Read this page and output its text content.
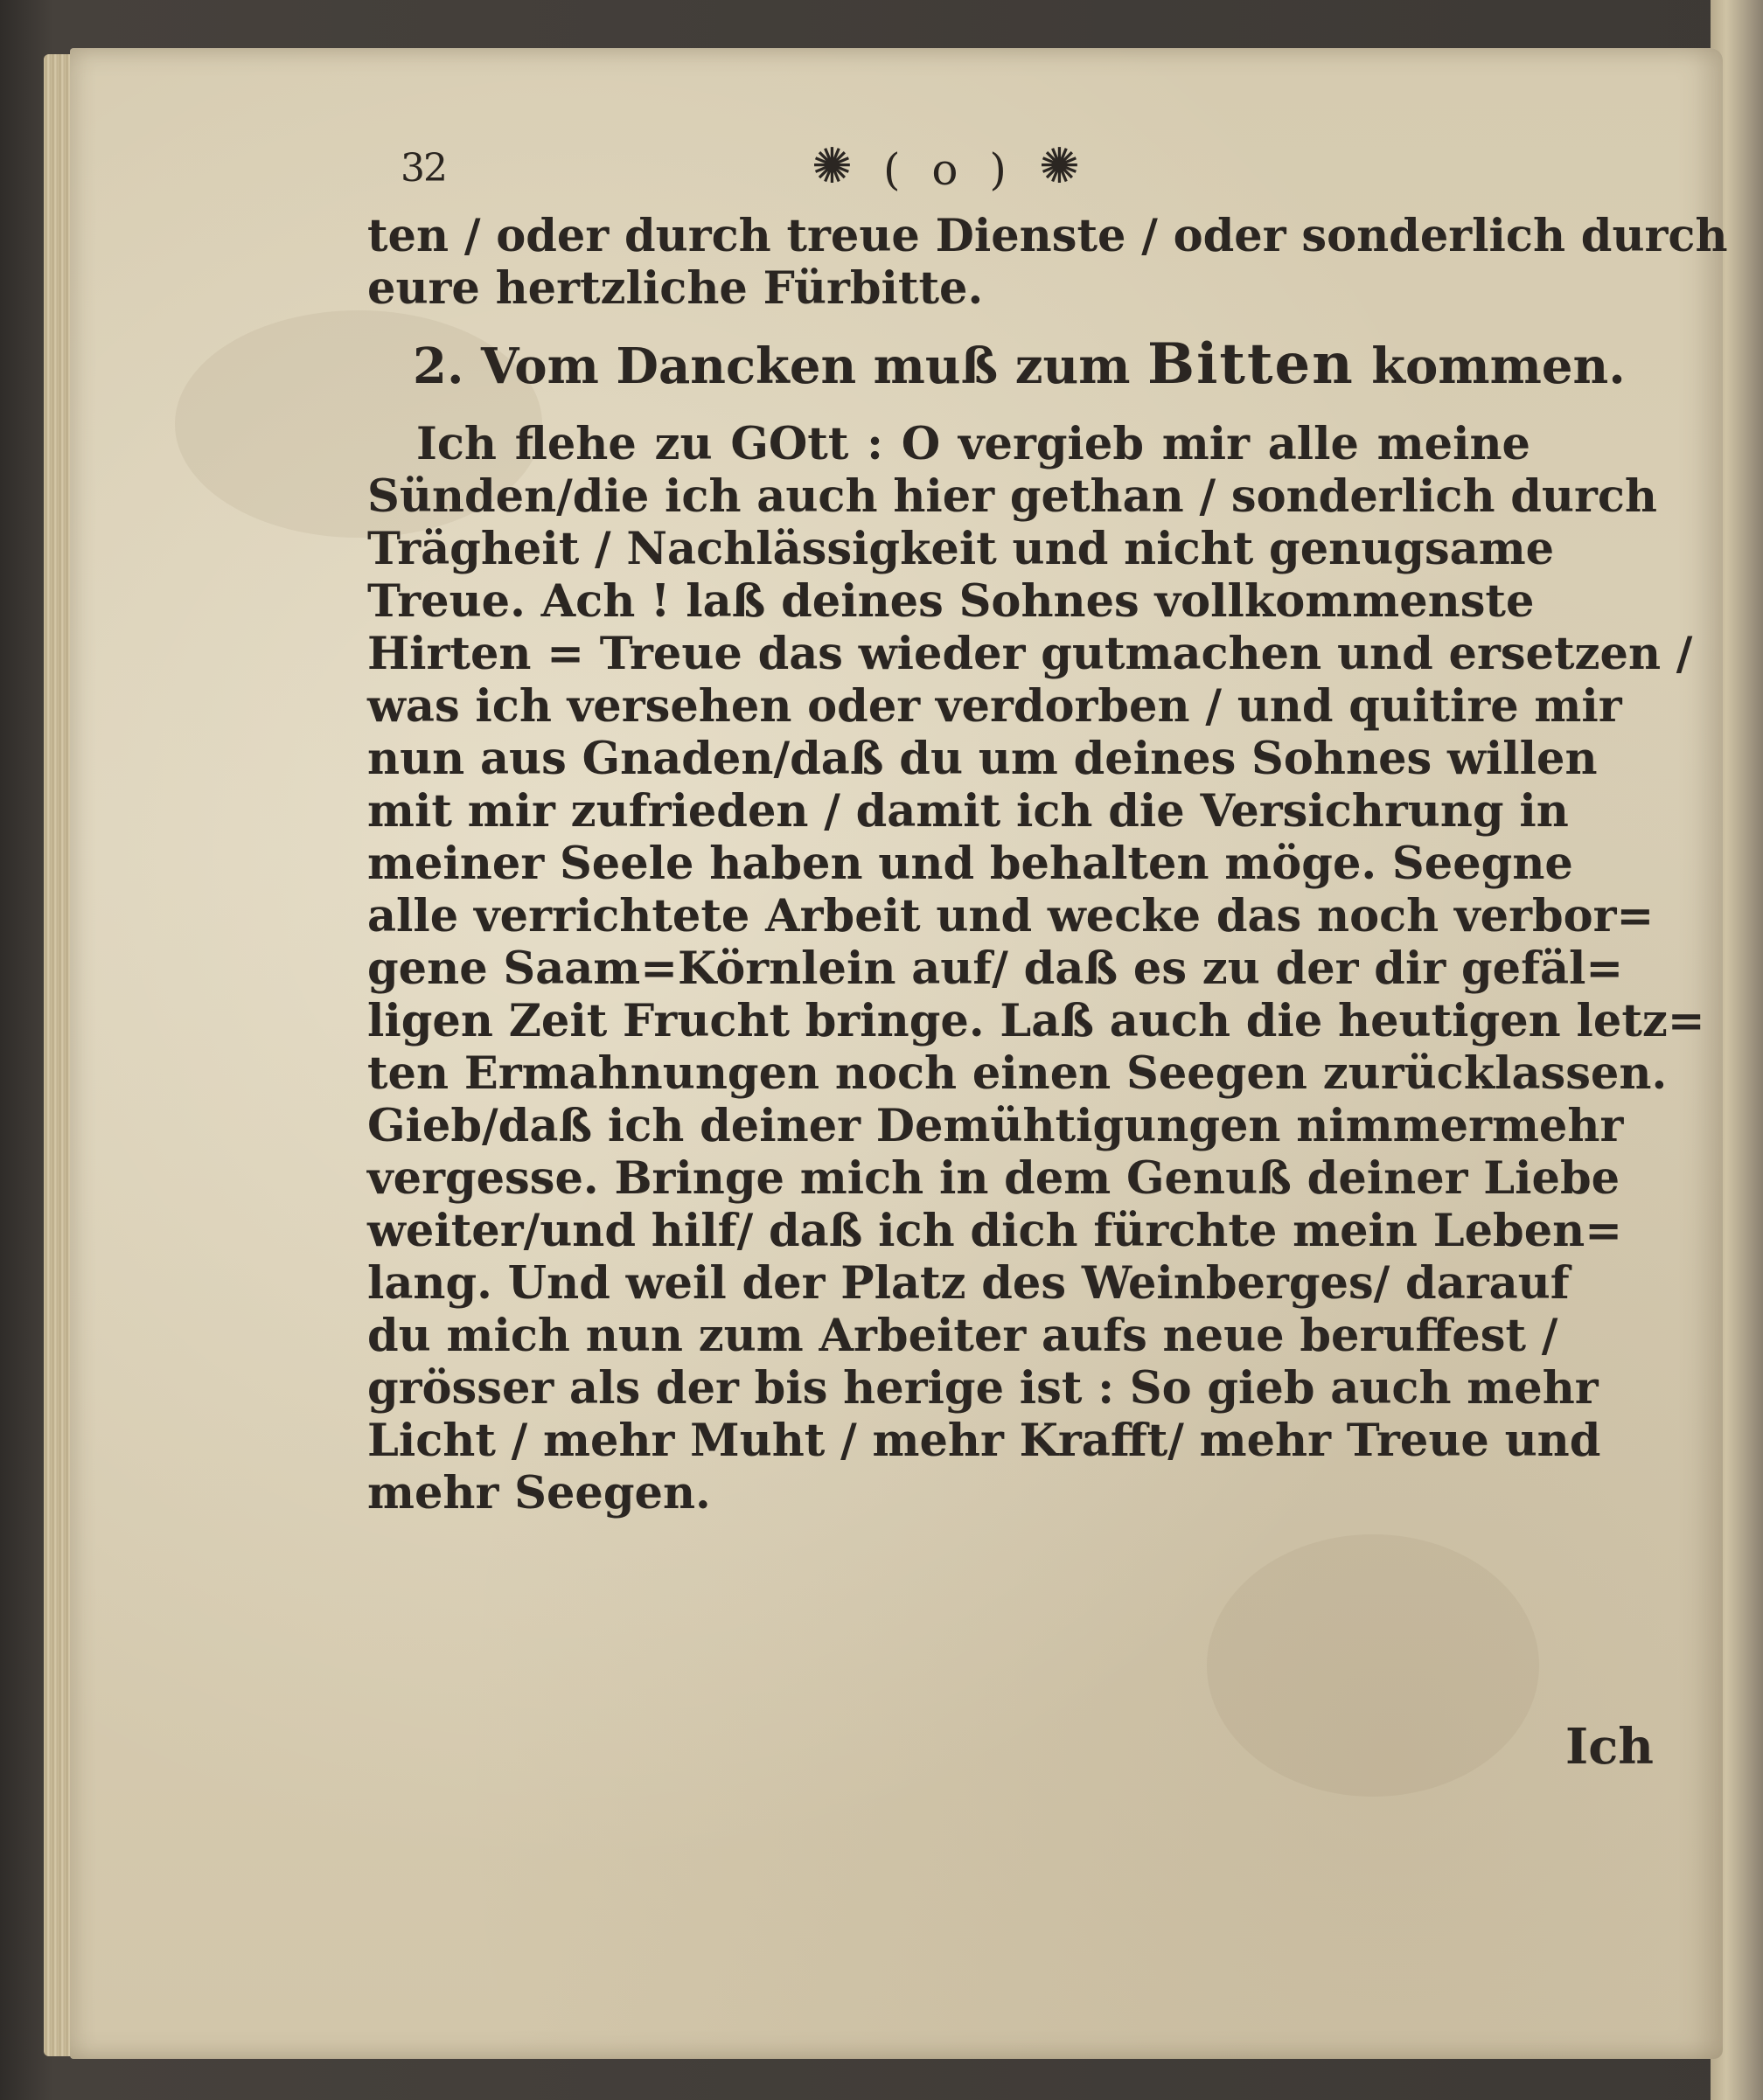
32	✺ ( o ) ✺
ten / oder durch treue Dienste / oder sonderlich durch
eure hertzliche Fürbitte.
2. Vom Dancken muß zum Bitten kommen.
Ich flehe zu GOtt : O vergieb mir alle meine
Sünden/die ich auch hier gethan / sonderlich durch
Trägheit / Nachlässigkeit und nicht genugsame
Treue. Ach ! laß deines Sohnes vollkommenste
Hirten = Treue das wieder gutmachen und ersetzen /
was ich versehen oder verdorben / und quitire mir
nun aus Gnaden/daß du um deines Sohnes willen
mit mir zufrieden / damit ich die Versichrung in
meiner Seele haben und behalten möge. Seegne
alle verrichtete Arbeit und wecke das noch verbor=
gene Saam=Körnlein auf/ daß es zu der dir gefäl=
ligen Zeit Frucht bringe. Laß auch die heutigen letz=
ten Ermahnungen noch einen Seegen zurücklassen.
Gieb/daß ich deiner Demühtigungen nimmermehr
vergesse. Bringe mich in dem Genuß deiner Liebe
weiter/und hilf/ daß ich dich fürchte mein Leben=
lang. Und weil der Platz des Weinberges/ darauf
du mich nun zum Arbeiter aufs neue beruffest /
grösser als der bis herige ist : So gieb auch mehr
Licht / mehr Muht / mehr Krafft/ mehr Treue und
mehr Seegen.
Ich
